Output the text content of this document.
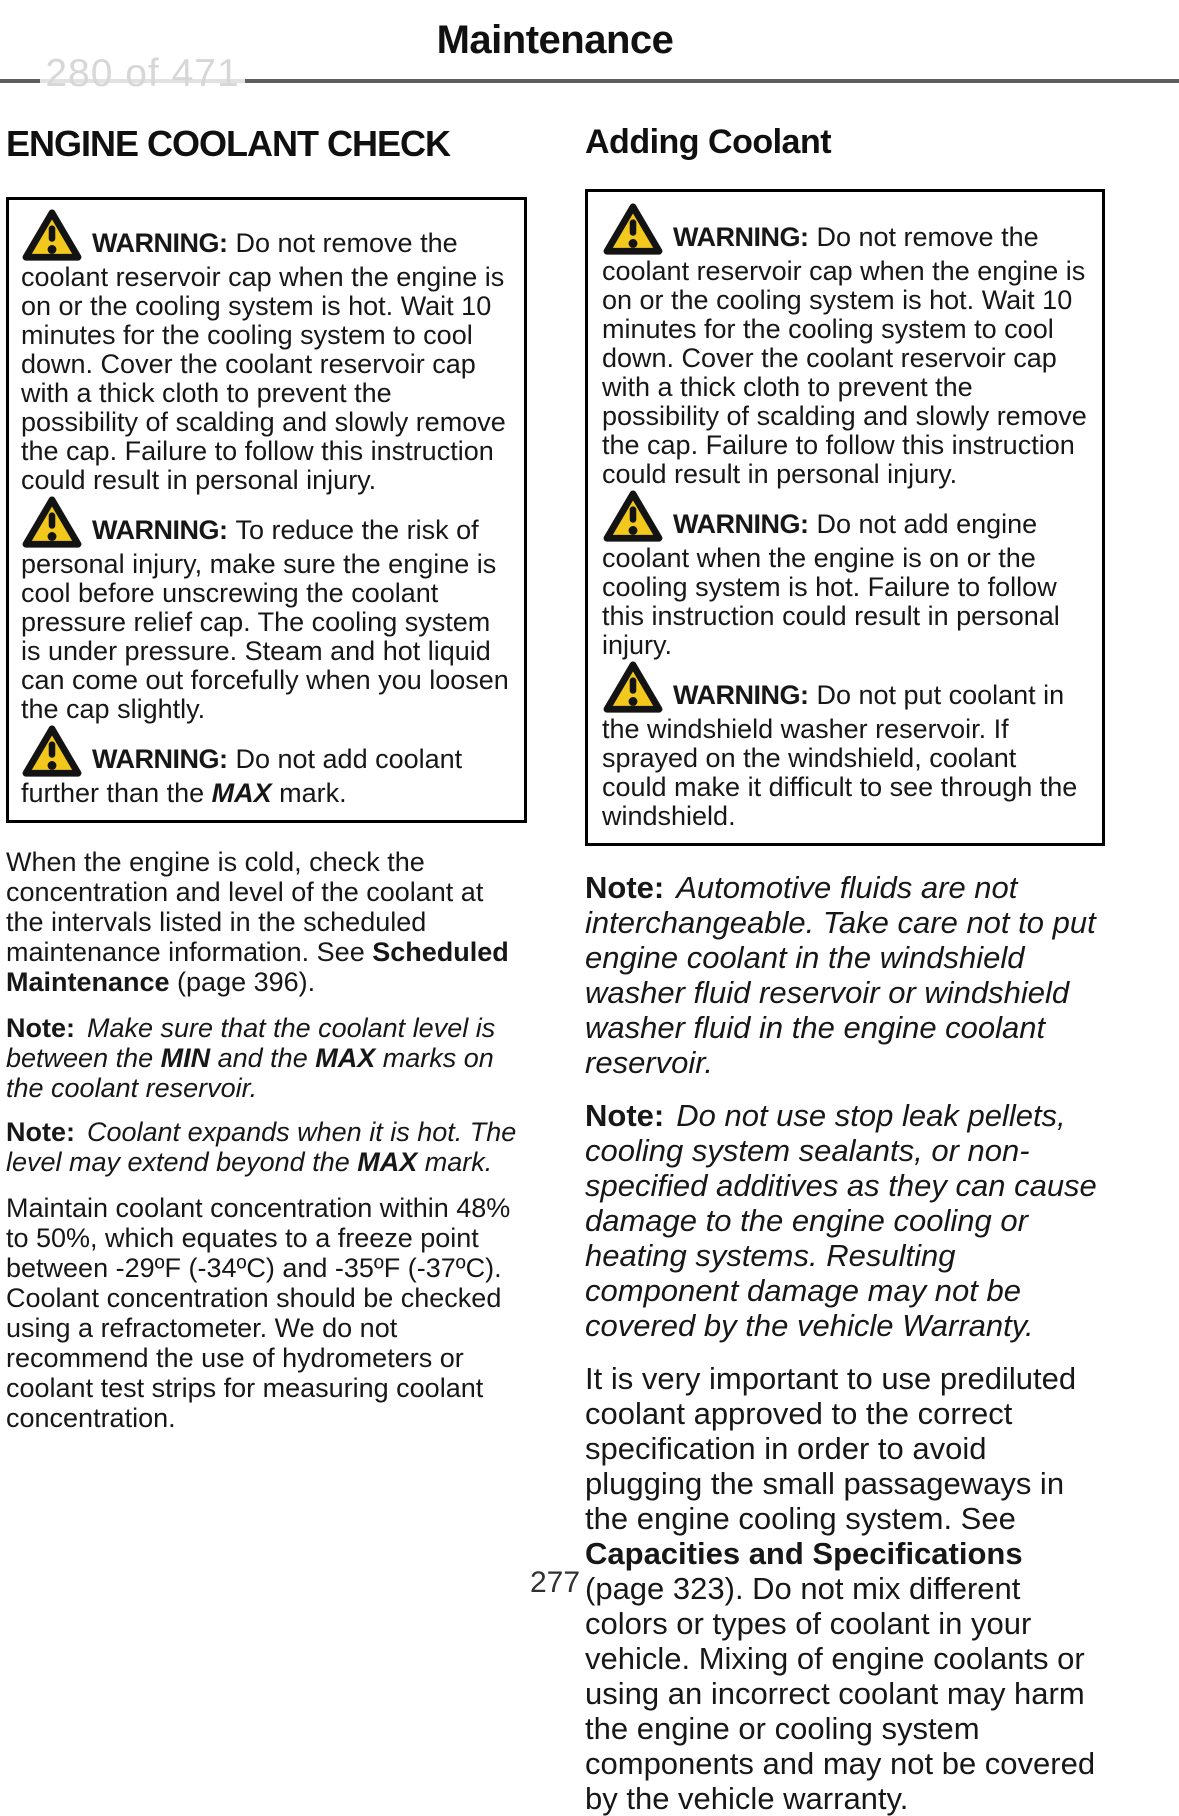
Maintenance
280 of 471
ENGINE COOLANT CHECK

WARNING: Do not remove the coolant reservoir cap when the engine is on or the cooling system is hot. Wait 10 minutes for the cooling system to cool down. Cover the coolant reservoir cap with a thick cloth to prevent the possibility of scalding and slowly remove the cap. Failure to follow this instruction could result in personal injury.

WARNING: To reduce the risk of personal injury, make sure the engine is cool before unscrewing the coolant pressure relief cap. The cooling system is under pressure. Steam and hot liquid can come out forcefully when you loosen the cap slightly.

WARNING: Do not add coolant further than the MAX mark.

When the engine is cold, check the concentration and level of the coolant at the intervals listed in the scheduled maintenance information. See Scheduled Maintenance (page 396).

Note: Make sure that the coolant level is between the MIN and the MAX marks on the coolant reservoir.

Note: Coolant expands when it is hot. The level may extend beyond the MAX mark.

Maintain coolant concentration within 48% to 50%, which equates to a freeze point between -29ºF (-34ºC) and -35ºF (-37ºC). Coolant concentration should be checked using a refractometer. We do not recommend the use of hydrometers or coolant test strips for measuring coolant concentration.

Adding Coolant

WARNING: Do not remove the coolant reservoir cap when the engine is on or the cooling system is hot. Wait 10 minutes for the cooling system to cool down. Cover the coolant reservoir cap with a thick cloth to prevent the possibility of scalding and slowly remove the cap. Failure to follow this instruction could result in personal injury.

WARNING: Do not add engine coolant when the engine is on or the cooling system is hot. Failure to follow this instruction could result in personal injury.

WARNING: Do not put coolant in the windshield washer reservoir. If sprayed on the windshield, coolant could make it difficult to see through the windshield.

Note: Automotive fluids are not interchangeable. Take care not to put engine coolant in the windshield washer fluid reservoir or windshield washer fluid in the engine coolant reservoir.

Note: Do not use stop leak pellets, cooling system sealants, or non-specified additives as they can cause damage to the engine cooling or heating systems. Resulting component damage may not be covered by the vehicle Warranty.

It is very important to use prediluted coolant approved to the correct specification in order to avoid plugging the small passageways in the engine cooling system. See Capacities and Specifications (page 323). Do not mix different colors or types of coolant in your vehicle. Mixing of engine coolants or using an incorrect coolant may harm the engine or cooling system components and may not be covered by the vehicle warranty.

277
